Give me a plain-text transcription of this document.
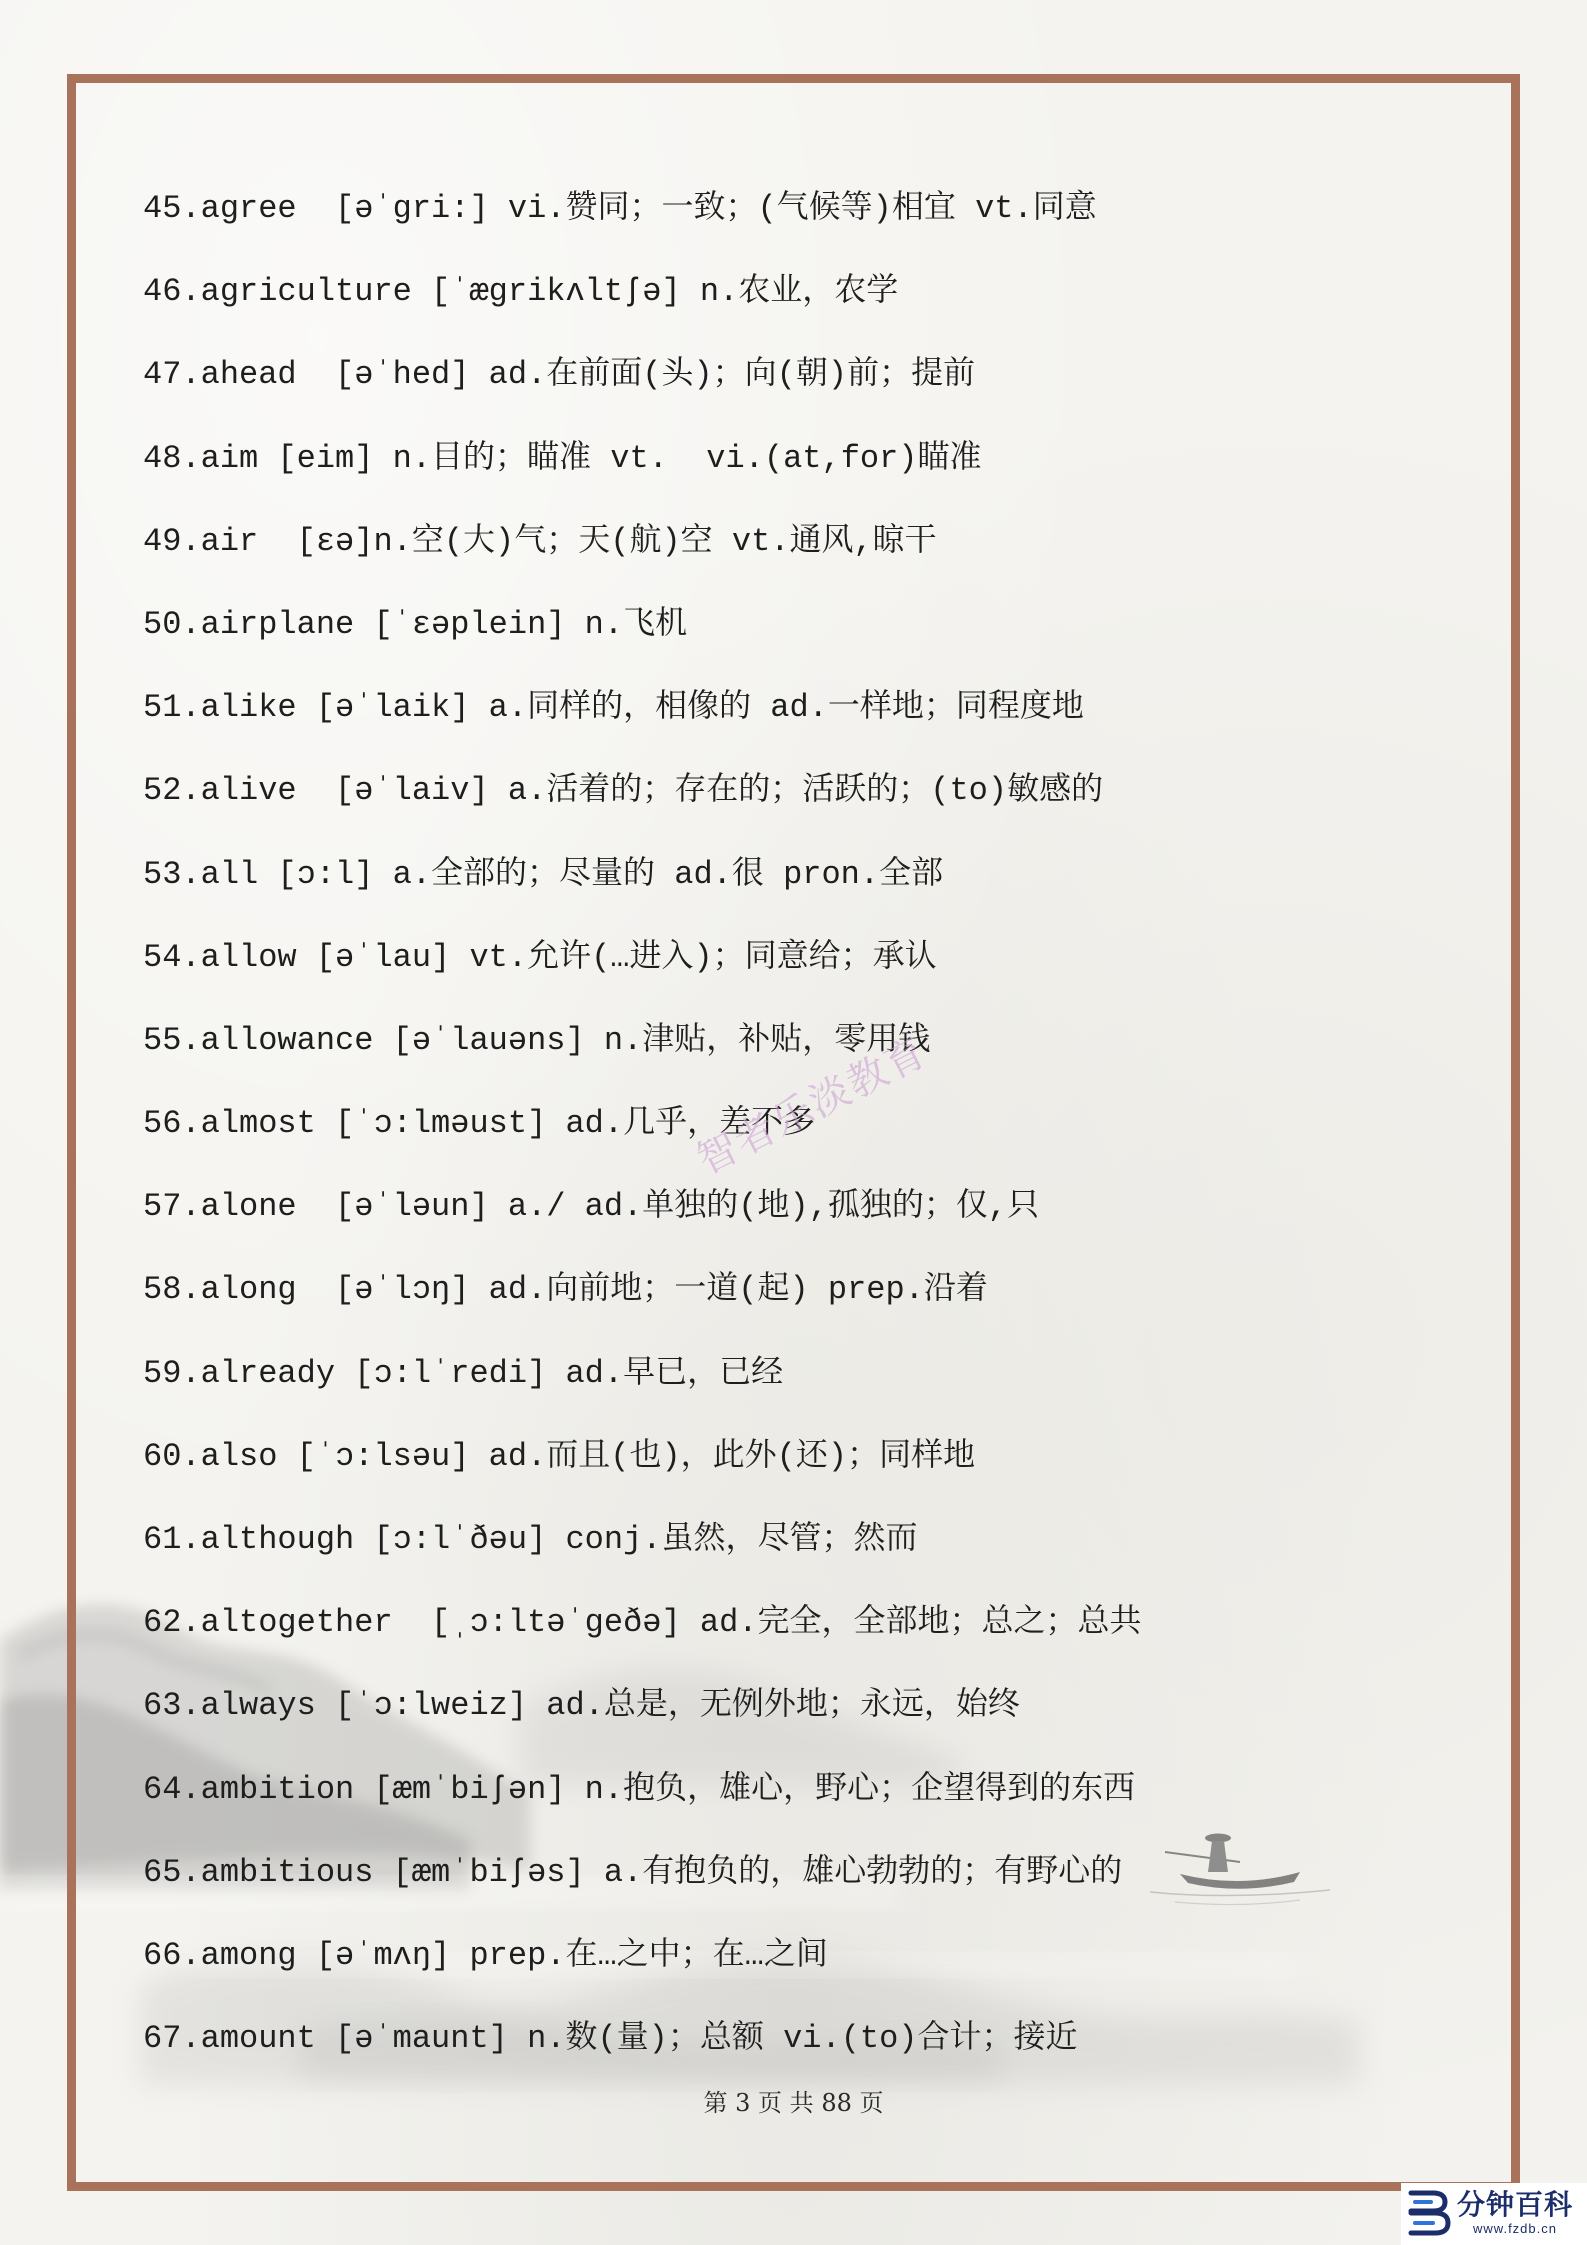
45.agree  [əˈgri:] vi.赞同；一致；(气候等)相宜 vt.同意
46.agriculture [ˈægrikʌltʃə] n.农业，农学
47.ahead  [əˈhed] ad.在前面(头)；向(朝)前；提前
48.aim [eim] n.目的；瞄准 vt.  vi.(at,for)瞄准
49.air  [ɛə]n.空(大)气；天(航)空 vt.通风,晾干
50.airplane [ˈɛəplein] n.飞机
51.alike [əˈlaik] a.同样的，相像的 ad.一样地；同程度地
52.alive  [əˈlaiv] a.活着的；存在的；活跃的；(to)敏感的
53.all [ɔ:l] a.全部的；尽量的 ad.很 pron.全部
54.allow [əˈlau] vt.允许(…进入)；同意给；承认
55.allowance [əˈlauəns] n.津贴，补贴，零用钱
56.almost [ˈɔ:lməust] ad.几乎，差不多
57.alone  [əˈləun] a./ ad.单独的(地),孤独的；仅,只
58.along  [əˈlɔŋ] ad.向前地；一道(起) prep.沿着
59.already [ɔ:lˈredi] ad.早已，已经
60.also [ˈɔ:lsəu] ad.而且(也)，此外(还)；同样地
61.although [ɔ:lˈðəu] conj.虽然，尽管；然而
62.altogether  [ˌɔ:ltəˈgeðə] ad.完全，全部地；总之；总共
63.always [ˈɔ:lweiz] ad.总是，无例外地；永远，始终
64.ambition [æmˈbiʃən] n.抱负，雄心，野心；企望得到的东西
65.ambitious [æmˈbiʃəs] a.有抱负的，雄心勃勃的；有野心的
66.among [əˈmʌŋ] prep.在…之中；在…之间
67.amount [əˈmaunt] n.数(量)；总额 vi.(to)合计；接近
智者乐淡教育
第 3 页 共 88 页
分钟百科
www.fzdb.cn
